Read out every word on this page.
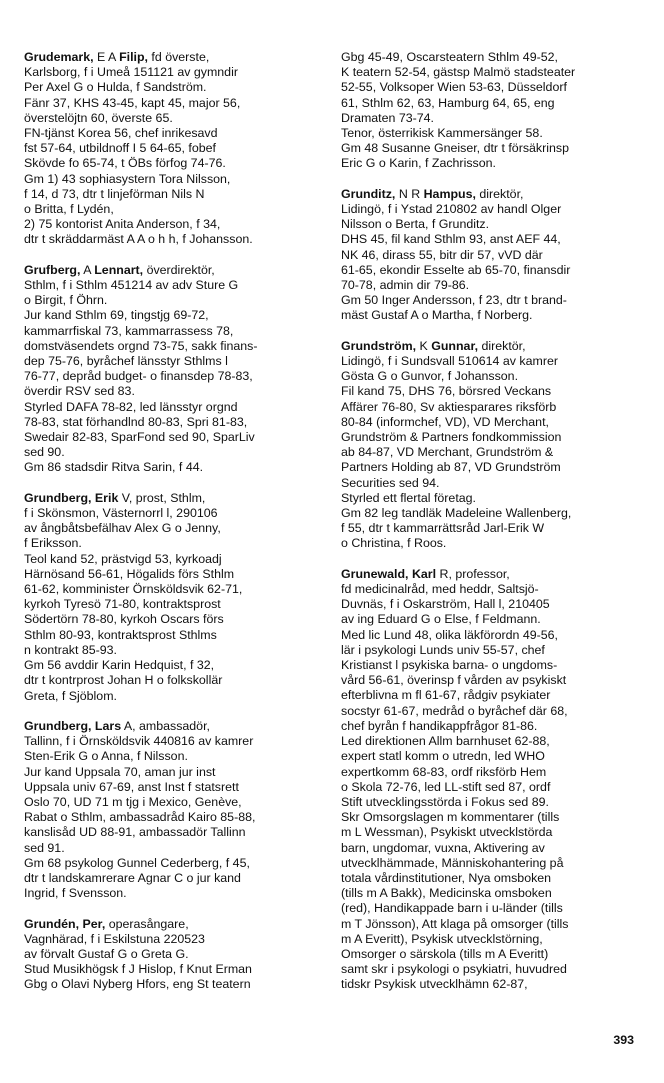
Grudemark, E A Filip, fd överste,
Karlsborg, f i Umeå 151121 av gymndir
Per Axel G o Hulda, f Sandström.
Fänr 37, KHS 43-45, kapt 45, major 56,
överstelöjtn 60, överste 65.
FN-tjänst Korea 56, chef inrikesavd
fst 57-64, utbildnoff I 5 64-65, fobef
Skövde fo 65-74, t ÖBs förfog 74-76.
Gm 1) 43 sophiasystern Tora Nilsson,
f 14, d 73, dtr t linjeförman Nils N
o Britta, f Lydén,
2) 75 kontorist Anita Anderson, f 34,
dtr t skräddarmäst A A o h h, f Johansson.
Grufberg, A Lennart, överdirektör,
Sthlm, f i Sthlm 451214 av adv Sture G
o Birgit, f Öhrn.
Jur kand Sthlm 69, tingstjg 69-72,
kammarrfiskal 73, kammarrassess 78,
domstväsendets orgnd 73-75, sakk finans-
dep 75-76, byråchef länsstyr Sthlms l
76-77, depråd budget- o finansdep 78-83,
överdir RSV sed 83.
Styrled DAFA 78-82, led länsstyr orgnd
78-83, stat förhandlnd 80-83, Spri 81-83,
Swedair 82-83, SparFond sed 90, SparLiv
sed 90.
Gm 86 stadsdir Ritva Sarin, f 44.
Grundberg, Erik V, prost, Sthlm,
f i Skönsmon, Västernorrl l, 290106
av ångbåtsbefälhav Alex G o Jenny,
f Eriksson.
Teol kand 52, prästvigd 53, kyrkoadj
Härnösand 56-61, Högalids förs Sthlm
61-62, komminister Örnsköldsvik 62-71,
kyrkoh Tyresö 71-80, kontraktsprost
Södertörn 78-80, kyrkoh Oscars förs
Sthlm 80-93, kontraktsprost Sthlms
n kontrakt 85-93.
Gm 56 avddir Karin Hedquist, f 32,
dtr t kontrprost Johan H o folkskollär
Greta, f Sjöblom.
Grundberg, Lars A, ambassadör,
Tallinn, f i Örnsköldsvik 440816 av kamrer
Sten-Erik G o Anna, f Nilsson.
Jur kand Uppsala 70, aman jur inst
Uppsala univ 67-69, anst Inst f statsrett
Oslo 70, UD 71 m tjg i Mexico, Genève,
Rabat o Sthlm, ambassadråd Kairo 85-88,
kanslisåd UD 88-91, ambassadör Tallinn
sed 91.
Gm 68 psykolog Gunnel Cederberg, f 45,
dtr t landskamrerare Agnar C o jur kand
Ingrid, f Svensson.
Grundén, Per, operasångare,
Vagnhärad, f i Eskilstuna 220523
av förvalt Gustaf G o Greta G.
Stud Musikhögsk f J Hislop, f Knut Erman
Gbg o Olavi Nyberg Hfors, eng St teatern
Gbg 45-49, Oscarsteatern Sthlm 49-52,
K teatern 52-54, gästsp Malmö stadsteater
52-55, Volksoper Wien 53-63, Düsseldorf
61, Sthlm 62, 63, Hamburg 64, 65, eng
Dramaten 73-74.
Tenor, österrikisk Kammersänger 58.
Gm 48 Susanne Gneiser, dtr t försäkrinsp
Eric G o Karin, f Zachrisson.
Grunditz, N R Hampus, direktör,
Lidingö, f i Ystad 210802 av handl Olger
Nilsson o Berta, f Grunditz.
DHS 45, fil kand Sthlm 93, anst AEF 44,
NK 46, dirass 55, bitr dir 57, vVD där
61-65, ekondir Esselte ab 65-70, finansdir
70-78, admin dir 79-86.
Gm 50 Inger Andersson, f 23, dtr t brand-
mäst Gustaf A o Martha, f Norberg.
Grundström, K Gunnar, direktör,
Lidingö, f i Sundsvall 510614 av kamrer
Gösta G o Gunvor, f Johansson.
Fil kand 75, DHS 76, börsred Veckans
Affärer 76-80, Sv aktiesparares riksförb
80-84 (informchef, VD), VD Merchant,
Grundström & Partners fondkommission
ab 84-87, VD Merchant, Grundström &
Partners Holding ab 87, VD Grundström
Securities sed 94.
Styrled ett flertal företag.
Gm 82 leg tandläk Madeleine Wallenberg,
f 55, dtr t kammarrättsråd Jarl-Erik W
o Christina, f Roos.
Grunewald, Karl R, professor,
fd medicinalråd, med heddr, Saltsjö-
Duvnäs, f i Oskarström, Hall l, 210405
av ing Eduard G o Else, f Feldmann.
Med lic Lund 48, olika läkförordn 49-56,
lär i psykologi Lunds univ 55-57, chef
Kristianst l psykiska barna- o ungdoms-
vård 56-61, överinsp f vården av psykiskt
efterblivna m fl 61-67, rådgiv psykiater
socstyr 61-67, medråd o byråchef där 68,
chef byrån f handikappfrågor 81-86.
Led direktionen Allm barnhuset 62-88,
expert statl komm o utredn, led WHO
expertkomm 68-83, ordf riksförb Hem
o Skola 72-76, led LL-stift sed 87, ordf
Stift utvecklingsstörda i Fokus sed 89.
Skr Omsorgslagen m kommentarer (tills
m L Wessman), Psykiskt utvecklstörda
barn, ungdomar, vuxna, Aktivering av
utvecklhämmade, Människohantering på
totala vårdinstitutioner, Nya omsboken
(tills m A Bakk), Medicinska omsboken
(red), Handikappade barn i u-länder (tills
m T Jönsson), Att klaga på omsorger (tills
m A Everitt), Psykisk utvecklstörning,
Omsorger o särskola (tills m A Everitt)
samt skr i psykologi o psykiatri, huvudred
tidskr Psykisk utvecklhämn 62-87,
393
